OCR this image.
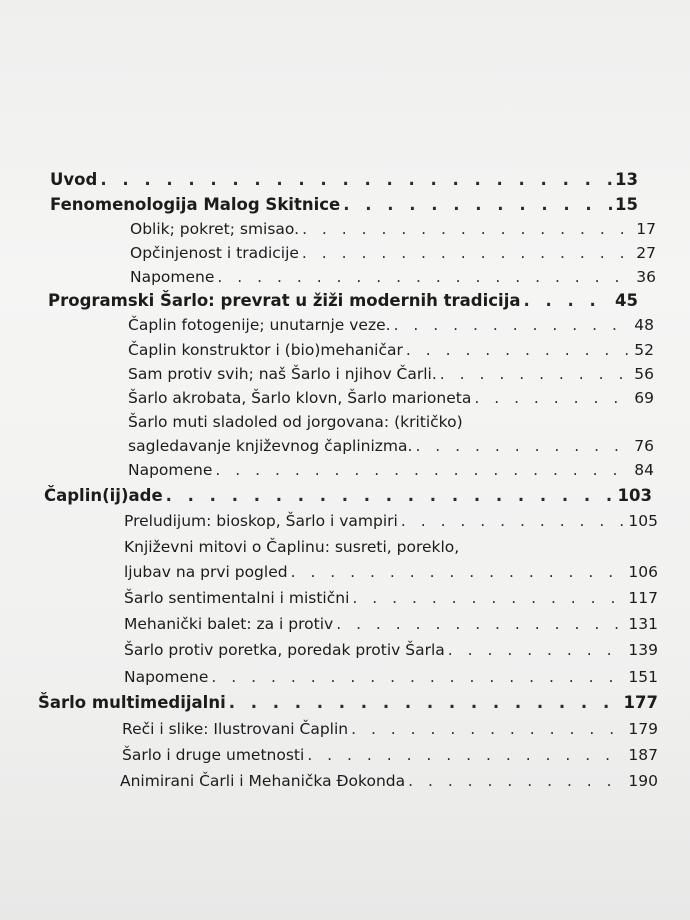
Uvod . . .	13
Fenomenologija Malog Skitnice . . .	15
Oblik; pokret; smisao. . . .	17
Opčinjenost i tradicije . . .	27
Napomene . . .	36
Programski Šarlo: prevrat u žiži modernih tradicija . . .	45
Čaplin fotogenije; unutarnje veze. . . .	48
Čaplin konstruktor i (bio)mehaničar . . .	52
Sam protiv svih; naš Šarlo i njihov Čarli. . . .	56
Šarlo akrobata, Šarlo klovn, Šarlo marioneta . . .	69
Šarlo muti sladoled od jorgovana: (kritičko)
sagledavanje književnog čaplinizma. . . .	76
Napomene . . .	84
Čaplin(ij)ade . . .	103
Preludijum: bioskop, Šarlo i vampiri . . .	105
Književni mitovi o Čaplinu: susreti, poreklo,
ljubav na prvi pogled . . .	106
Šarlo sentimentalni i mistični . . .	117
Mehanički balet: za i protiv . . .	131
Šarlo protiv poretka, poredak protiv Šarla . . .	139
Napomene . . .	151
Šarlo multimedijalni . . .	177
Reči i slike: Ilustrovani Čaplin . . .	179
Šarlo i druge umetnosti . . .	187
Animirani Čarli i Mehanička Đokonda . . .	190
